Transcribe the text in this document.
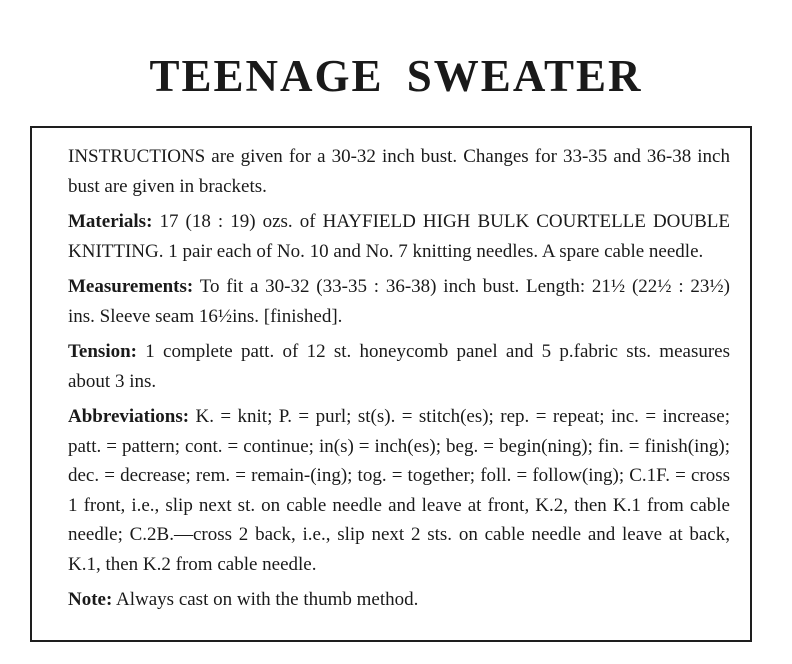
TEENAGE SWEATER

INSTRUCTIONS are given for a 30-32 inch bust. Changes for 33-35 and 36-38 inch bust are given in brackets.

Materials: 17 (18 : 19) ozs. of HAYFIELD HIGH BULK COURTELLE DOUBLE KNITTING. 1 pair each of No. 10 and No. 7 knitting needles. A spare cable needle.

Measurements: To fit a 30-32 (33-35 : 36-38) inch bust. Length: 21½ (22½ : 23½) ins. Sleeve seam 16½ins. [finished].

Tension: 1 complete patt. of 12 st. honeycomb panel and 5 p.fabric sts. measures about 3 ins.

Abbreviations: K. = knit; P. = purl; st(s). = stitch(es); rep. = repeat; inc. = increase; patt. = pattern; cont. = continue; in(s) = inch(es); beg. = begin(ning); fin. = finish(ing); dec. = decrease; rem. = remain-(ing); tog. = together; foll. = follow(ing); C.1F. = cross 1 front, i.e., slip next st. on cable needle and leave at front, K.2, then K.1 from cable needle; C.2B.—cross 2 back, i.e., slip next 2 sts. on cable needle and leave at back, K.1, then K.2 from cable needle.

Note: Always cast on with the thumb method.
